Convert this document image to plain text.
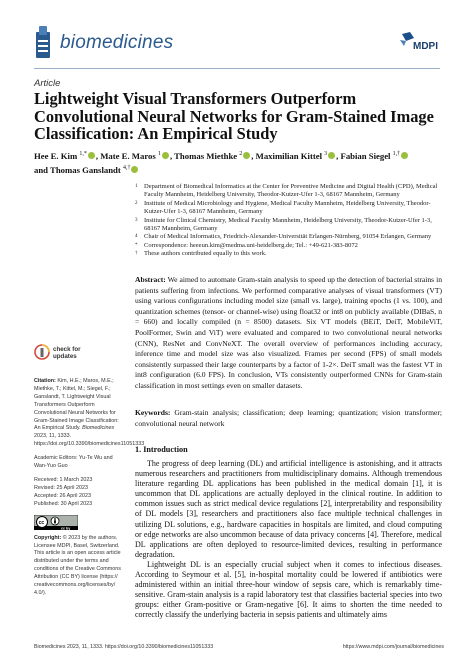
biomedicines	MDPI
Article
Lightweight Visual Transformers Outperform Convolutional Neural Networks for Gram-Stained Image Classification: An Empirical Study
Hee E. Kim $^{1,*}$ , Mate E. Maros $^1$ , Thomas Miethke $^2$ , Maximilian Kittel $^3$ , Fabian Siegel $^{1,\dagger}$
and Thomas Ganslandt $^{4,\dagger}$
1 Department of Biomedical Informatics at the Center for Preventive Medicine and Digital Health (CPD), Medical Faculty Mannheim, Heidelberg University, Theodor-Kutzer-Ufer 1-3, 68167 Mannheim, Germany
2 Institute of Medical Microbiology and Hygiene, Medical Faculty Mannheim, Heidelberg University, Theodor-Kutzer-Ufer 1-3, 68167 Mannheim, Germany
3 Institute for Clinical Chemistry, Medical Faculty Mannheim, Heidelberg University, Theodor-Kutzer-Ufer 1-3, 68167 Mannheim, Germany
4 Chair of Medical Informatics, Friedrich-Alexander-Universität Erlangen-Nürnberg, 91054 Erlangen, Germany
* Correspondence: heeeun.kim@medma.uni-heidelberg.de; Tel.: +49-621-383-8072
† These authors contributed equally to this work.
Abstract: We aimed to automate Gram-stain analysis to speed up the detection of bacterial strains in patients suffering from infections. We performed comparative analyses of visual transformers (VT) using various configurations including model size (small vs. large), training epochs (1 vs. 100), and quantization schemes (tensor- or channel-wise) using float32 or int8 on publicly available (DIBaS, n = 660) and locally compiled (n = 8500) datasets. Six VT models (BEiT, DeiT, MobileViT, PoolFormer, Swin and ViT) were evaluated and compared to two convolutional neural networks (CNN), ResNet and ConvNeXT. The overall overview of performances including accuracy, inference time and model size was also visualized. Frames per second (FPS) of small models consistently surpassed their large counterparts by a factor of 1-2×. DeiT small was the fastest VT in int8 configuration (6.0 FPS). In conclusion, VTs consistently outperformed CNNs for Gram-stain classification in most settings even on smaller datasets.
Keywords: Gram-stain analysis; classification; deep learning; quantization; vision transformer; convolutional neural network
1. Introduction

The progress of deep learning (DL) and artificial intelligence is astonishing, and it attracts numerous researchers and practitioners from multidisciplinary domains. Although tremendous literature regarding DL applications has been published in the medical domain [1], it is uncommon that DL applications are actually deployed in the clinical routine. In addition to common issues such as strict medical device regulations [2], interpretability and responsibility of DL models [3], researchers and practitioners also face multiple technical challenges in utilizing DL solutions, e.g., hardware capacities in hospitals are limited, and cloud computing or edge networks are also uncommon because of data privacy concerns [4]. Therefore, medical DL applications are often deployed to resource-limited devices, resulting in performance degradation.

Lightweight DL is an especially crucial subject when it comes to infectious diseases. According to Seymour et al. [5], in-hospital mortality could be lowered if antibiotics were administered within an initial three-hour window of sepsis care, which is remarkably time-sensitive. Gram-stain analysis is a rapid laboratory test that classifies bacterial species into two groups: either Gram-positive or Gram-negative [6]. It aims to shorten the time needed to correctly classify the underlying bacteria in sepsis patients and ultimately aims

check for
updates
Citation: Kim, H.E.; Maros, M.E.; Miethke, T.; Kittel, M.; Siegel, F.; Ganslandt, T. Lightweight Visual Transformers Outperform Convolutional Neural Networks for Gram-Stained Image Classification: An Empirical Study. Biomedicines 2023, 11, 1333. https://doi.org/10.3390/biomedicines11051333
Academic Editors: Yu-Te Wu and Wan-Yuo Guo
Received: 1 March 2023
Revised: 25 April 2023
Accepted: 26 April 2023
Published: 30 April 2023
cc
cc by
Copyright: © 2023 by the authors. Licensee MDPI, Basel, Switzerland. This article is an open access article distributed under the terms and conditions of the Creative Commons Attribution (CC BY) license (https:// creativecommons.org/licenses/by/ 4.0/).
Biomedicines 2023, 11, 1333. https://doi.org/10.3390/biomedicines11051333	https://www.mdpi.com/journal/biomedicines
